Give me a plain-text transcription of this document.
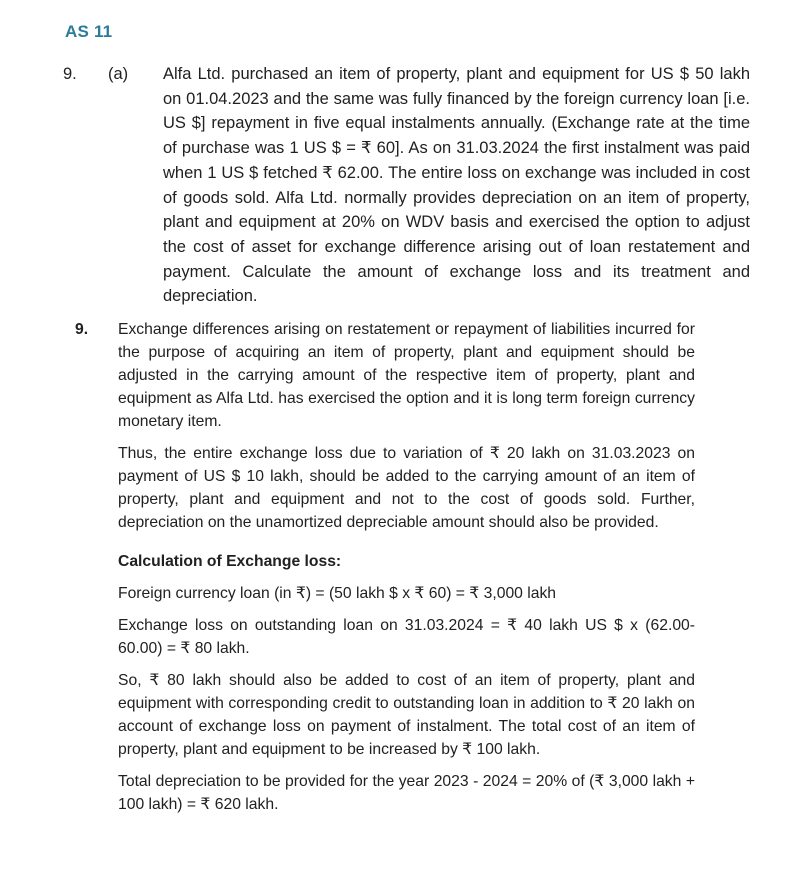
AS 11
9.	(a)	Alfa Ltd. purchased an item of property, plant and equipment for US $ 50 lakh on 01.04.2023 and the same was fully financed by the foreign currency loan [i.e. US $] repayment in five equal instalments annually. (Exchange rate at the time of purchase was 1 US $ = ₹ 60]. As on 31.03.2024 the first instalment was paid when 1 US $ fetched ₹ 62.00. The entire loss on exchange was included in cost of goods sold. Alfa Ltd. normally provides depreciation on an item of property, plant and equipment at 20% on WDV basis and exercised the option to adjust the cost of asset for exchange difference arising out of loan restatement and payment. Calculate the amount of exchange loss and its treatment and depreciation.
9.	Exchange differences arising on restatement or repayment of liabilities incurred for the purpose of acquiring an item of property, plant and equipment should be adjusted in the carrying amount of the respective item of property, plant and equipment as Alfa Ltd. has exercised the option and it is long term foreign currency monetary item.

Thus, the entire exchange loss due to variation of ₹ 20 lakh on 31.03.2023 on payment of US $ 10 lakh, should be added to the carrying amount of an item of property, plant and equipment and not to the cost of goods sold. Further, depreciation on the unamortized depreciable amount should also be provided.

Calculation of Exchange loss:

Foreign currency loan (in ₹) = (50 lakh $ x ₹ 60) = ₹ 3,000 lakh

Exchange loss on outstanding loan on 31.03.2024 = ₹ 40 lakh US $ x (62.00-60.00) = ₹ 80 lakh.

So, ₹ 80 lakh should also be added to cost of an item of property, plant and equipment with corresponding credit to outstanding loan in addition to ₹ 20 lakh on account of exchange loss on payment of instalment. The total cost of an item of property, plant and equipment to be increased by ₹ 100 lakh.

Total depreciation to be provided for the year 2023 - 2024 = 20% of (₹ 3,000 lakh + 100 lakh) = ₹ 620 lakh.
